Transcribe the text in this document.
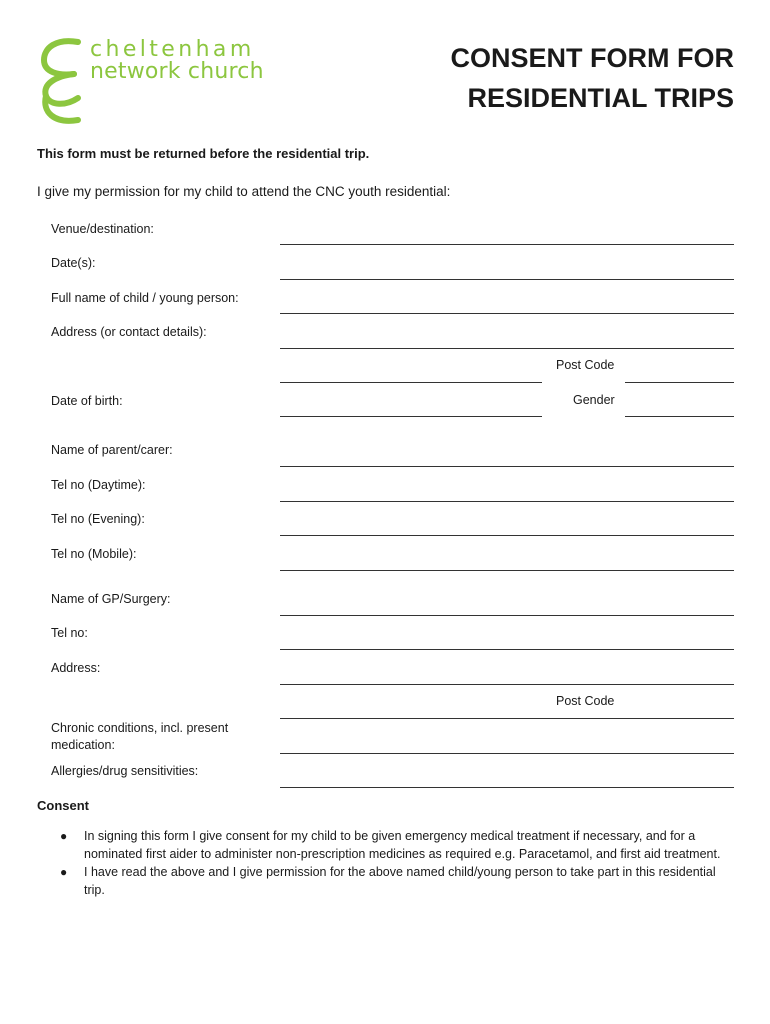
cheltenham
network church	CONSENT FORM FOR
RESIDENTIAL TRIPS
This form must be returned before the residential trip.
I give my permission for my child to attend the CNC youth residential:
Venue/destination:
Date(s):
Full name of child / young person:
Address (or contact details):
Post Code
Date of birth:	Gender
Name of parent/carer:
Tel no (Daytime):
Tel no (Evening):
Tel no (Mobile):
Name of GP/Surgery:
Tel no:
Address:
Post Code
Chronic conditions, incl. present medication:
Allergies/drug sensitivities:
Consent
● In signing this form I give consent for my child to be given emergency medical treatment if necessary, and for a nominated first aider to administer non-prescription medicines as required e.g. Paracetamol, and first aid treatment.
● I have read the above and I give permission for the above named child/young person to take part in this residential trip.
